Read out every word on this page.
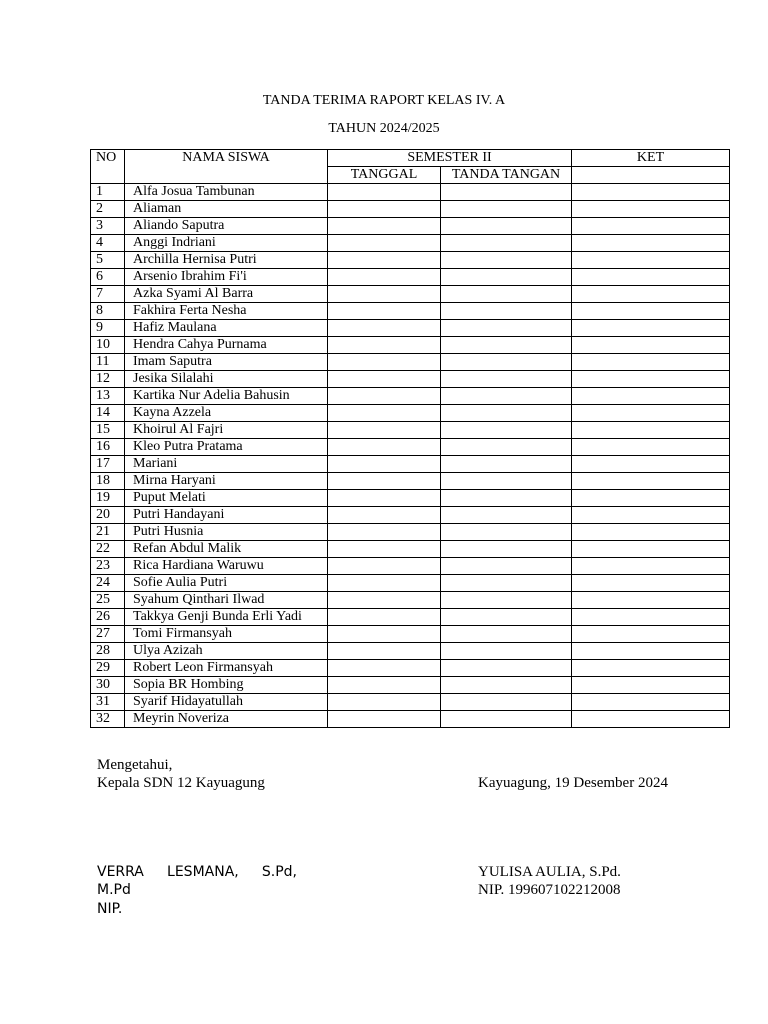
TANDA TERIMA RAPORT KELAS IV. A
TAHUN 2024/2025
NO	NAMA SISWA	SEMESTER II		KET
		TANGGAL	TANDA TANGAN	
1	Alfa Josua Tambunan			
2	Aliaman			
3	Aliando Saputra			
4	Anggi Indriani			
5	Archilla Hernisa Putri			
6	Arsenio Ibrahim Fi'i			
7	Azka Syami Al Barra			
8	Fakhira Ferta Nesha			
9	Hafiz Maulana			
10	Hendra Cahya Purnama			
11	Imam Saputra			
12	Jesika Silalahi			
13	Kartika Nur Adelia Bahusin			
14	Kayna Azzela			
15	Khoirul Al Fajri			
16	Kleo Putra Pratama			
17	Mariani			
18	Mirna Haryani			
19	Puput Melati			
20	Putri Handayani			
21	Putri Husnia			
22	Refan Abdul Malik			
23	Rica Hardiana Waruwu			
24	Sofie Aulia Putri			
25	Syahum Qinthari Ilwad			
26	Takkya Genji Bunda Erli Yadi			
27	Tomi Firmansyah			
28	Ulya Azizah			
29	Robert Leon Firmansyah			
30	Sopia BR Hombing			
31	Syarif Hidayatullah			
32	Meyrin Noveriza			
Mengetahui,
Kepala SDN 12 Kayuagung	Kayuagung, 19 Desember 2024
VERRA LESMANA, S.Pd, M.Pd
NIP.
YULISA AULIA, S.Pd.
NIP. 199607102212008
